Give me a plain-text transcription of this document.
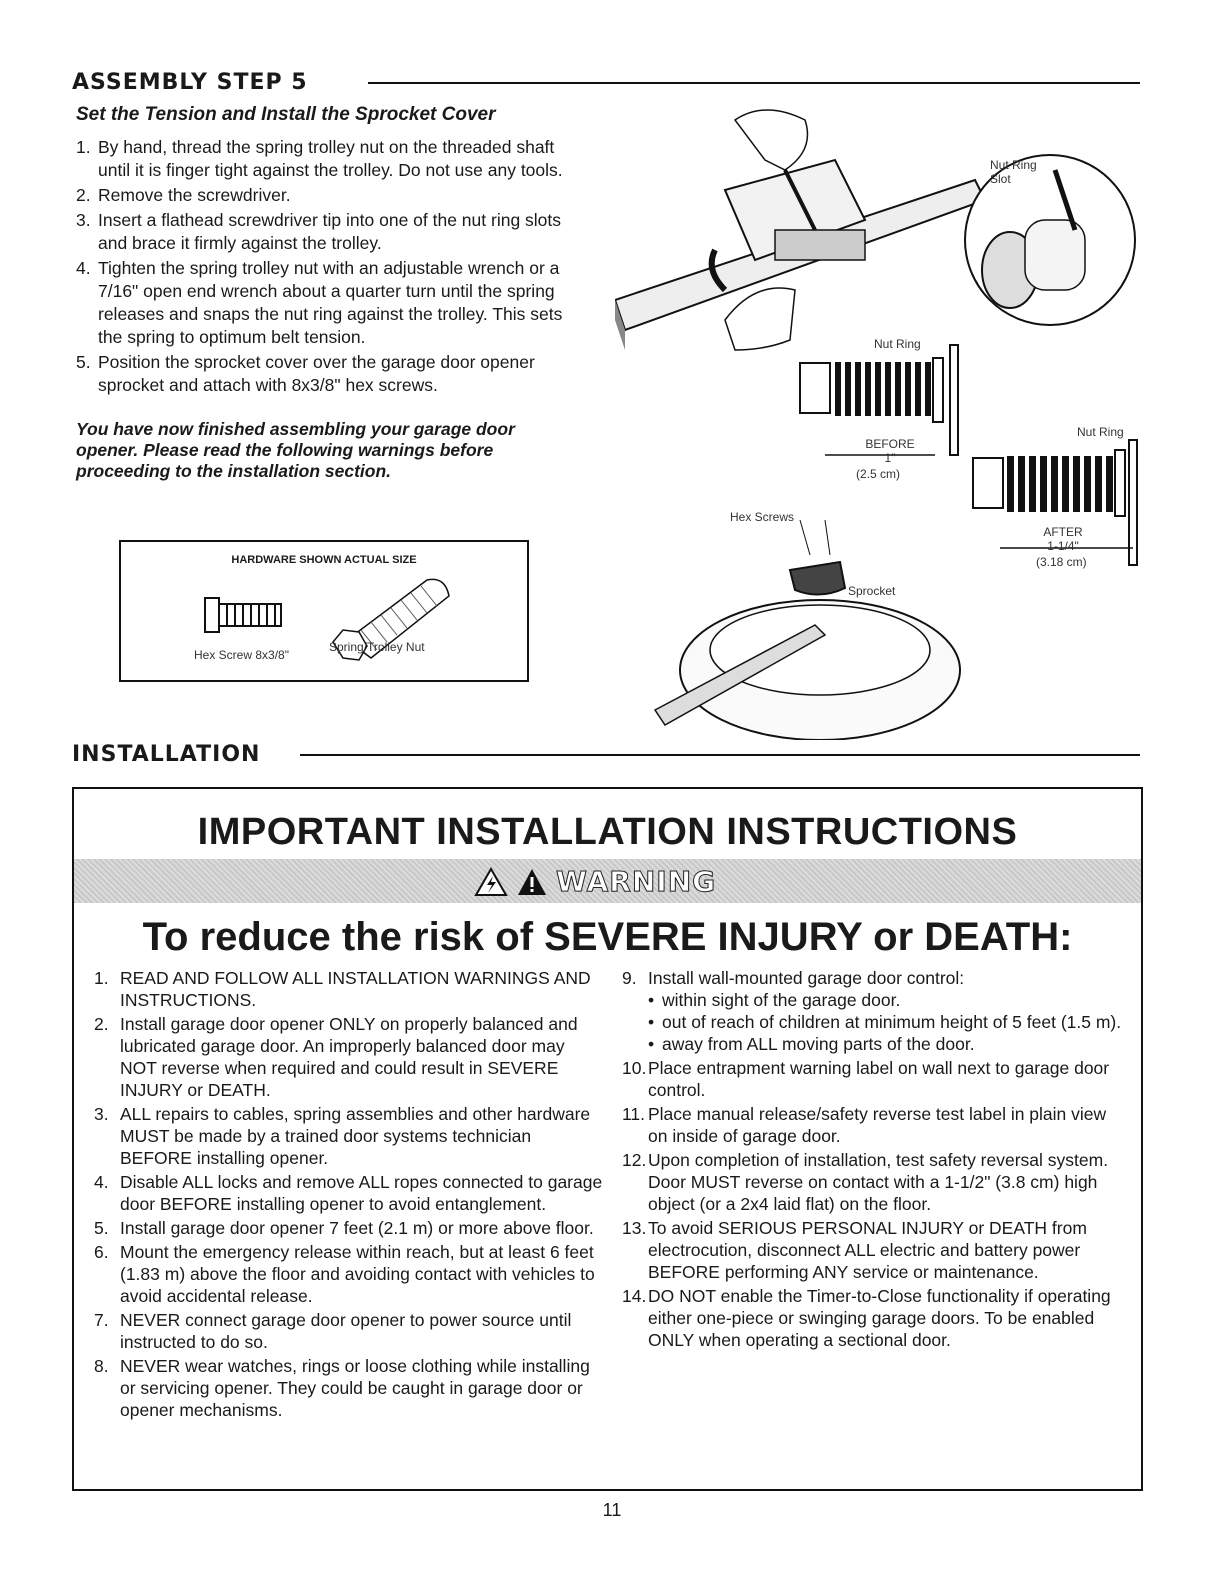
ASSEMBLY STEP 5
Set the Tension and Install the Sprocket Cover
1. By hand, thread the spring trolley nut on the threaded shaft until it is finger tight against the trolley. Do not use any tools.
2. Remove the screwdriver.
3. Insert a flathead screwdriver tip into one of the nut ring slots and brace it firmly against the trolley.
4. Tighten the spring trolley nut with an adjustable wrench or a 7/16" open end wrench about a quarter turn until the spring releases and snaps the nut ring against the trolley. This sets the spring to optimum belt tension.
5. Position the sprocket cover over the garage door opener sprocket and attach with 8x3/8" hex screws.
You have now finished assembling your garage door opener. Please read the following warnings before proceeding to the installation section.
HARDWARE SHOWN ACTUAL SIZE
Hex Screw 8x3/8"
Spring/Trolley Nut
Nut Ring
Slot
Nut Ring
BEFORE
1"
(2.5 cm)
Nut Ring
AFTER
1-1/4"
(3.18 cm)
Hex Screws
Sprocket
INSTALLATION
IMPORTANT INSTALLATION INSTRUCTIONS
WARNING
To reduce the risk of SEVERE INJURY or DEATH:
1. READ AND FOLLOW ALL INSTALLATION WARNINGS AND INSTRUCTIONS.
2. Install garage door opener ONLY on properly balanced and lubricated garage door. An improperly balanced door may NOT reverse when required and could result in SEVERE INJURY or DEATH.
3. ALL repairs to cables, spring assemblies and other hardware MUST be made by a trained door systems technician BEFORE installing opener.
4. Disable ALL locks and remove ALL ropes connected to garage door BEFORE installing opener to avoid entanglement.
5. Install garage door opener 7 feet (2.1 m) or more above floor.
6. Mount the emergency release within reach, but at least 6 feet (1.83 m) above the floor and avoiding contact with vehicles to avoid accidental release.
7. NEVER connect garage door opener to power source until instructed to do so.
8. NEVER wear watches, rings or loose clothing while installing or servicing opener. They could be caught in garage door or opener mechanisms.
9. Install wall-mounted garage door control:
• within sight of the garage door.
• out of reach of children at minimum height of 5 feet (1.5 m).
• away from ALL moving parts of the door.
10. Place entrapment warning label on wall next to garage door control.
11. Place manual release/safety reverse test label in plain view on inside of garage door.
12. Upon completion of installation, test safety reversal system. Door MUST reverse on contact with a 1-1/2" (3.8 cm) high object (or a 2x4 laid flat) on the floor.
13. To avoid SERIOUS PERSONAL INJURY or DEATH from electrocution, disconnect ALL electric and battery power BEFORE performing ANY service or maintenance.
14. DO NOT enable the Timer-to-Close functionality if operating either one-piece or swinging garage doors. To be enabled ONLY when operating a sectional door.
11
